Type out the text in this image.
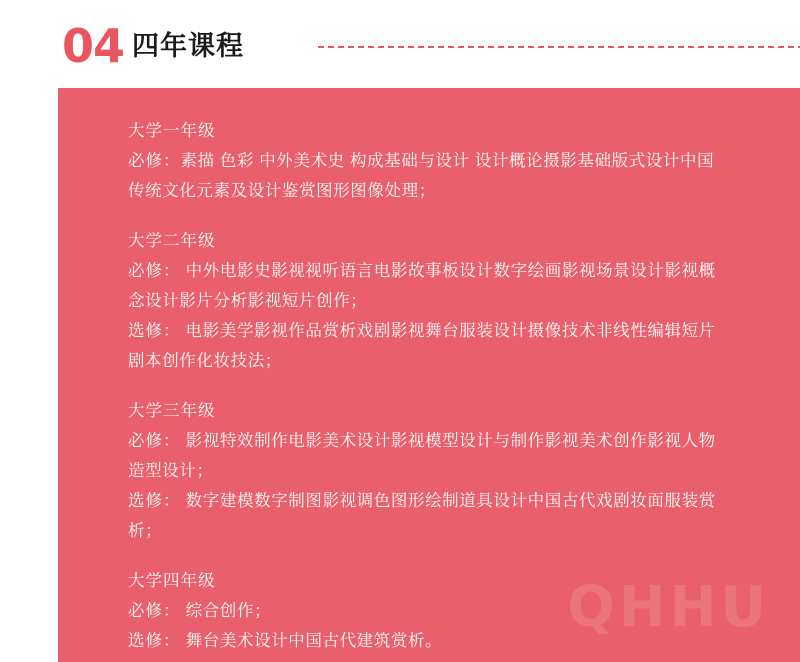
04 四年课程
QHHU
大学一年级
必修：素描 色彩 中外美术史 构成基础与设计 设计概论摄影基础版式设计中国传统文化元素及设计鉴赏图形图像处理；
大学二年级
必修： 中外电影史影视视听语言电影故事板设计数字绘画影视场景设计影视概念设计影片分析影视短片创作；
选修： 电影美学影视作品赏析戏剧影视舞台服装设计摄像技术非线性编辑短片剧本创作化妆技法；
大学三年级
必修： 影视特效制作电影美术设计影视模型设计与制作影视美术创作影视人物造型设计；
选修： 数字建模数字制图影视调色图形绘制道具设计中国古代戏剧妆面服装赏析；
大学四年级
必修： 综合创作；
选修： 舞台美术设计中国古代建筑赏析。
